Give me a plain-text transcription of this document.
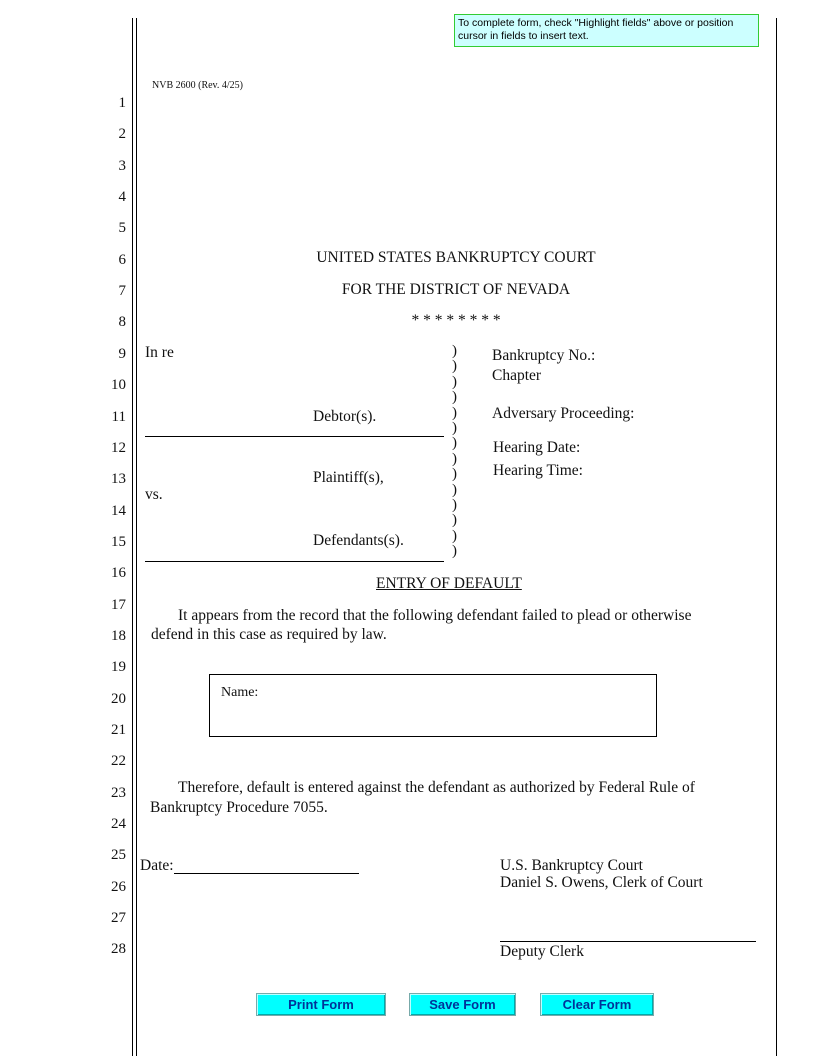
To complete form, check "Highlight fields" above or position cursor in fields to insert text.
NVB 2600 (Rev. 4/25)
1
2
3
4
5
6
7
8
9
10
11
12
13
14
15
16
17
18
19
20
21
22
23
24
25
26
27
28
UNITED STATES BANKRUPTCY COURT
FOR THE DISTRICT OF NEVADA
* * * * * * * *
In re
Debtor(s).
Plaintiff(s),
vs.
Defendants(s).
)
)
)
)
)
)
)
)
)
)
)
)
)
)
Bankruptcy No.:
Chapter
Adversary Proceeding:
Hearing Date:
Hearing Time:
ENTRY OF DEFAULT
It appears from the record that the following defendant failed to plead or otherwise
defend in this case as required by law.
Name:
Therefore, default is entered against the defendant as authorized by Federal Rule of
Bankruptcy Procedure 7055.
Date:	U.S. Bankruptcy Court
Daniel S. Owens, Clerk of Court
Deputy Clerk
Print Form	Save Form	Clear Form
